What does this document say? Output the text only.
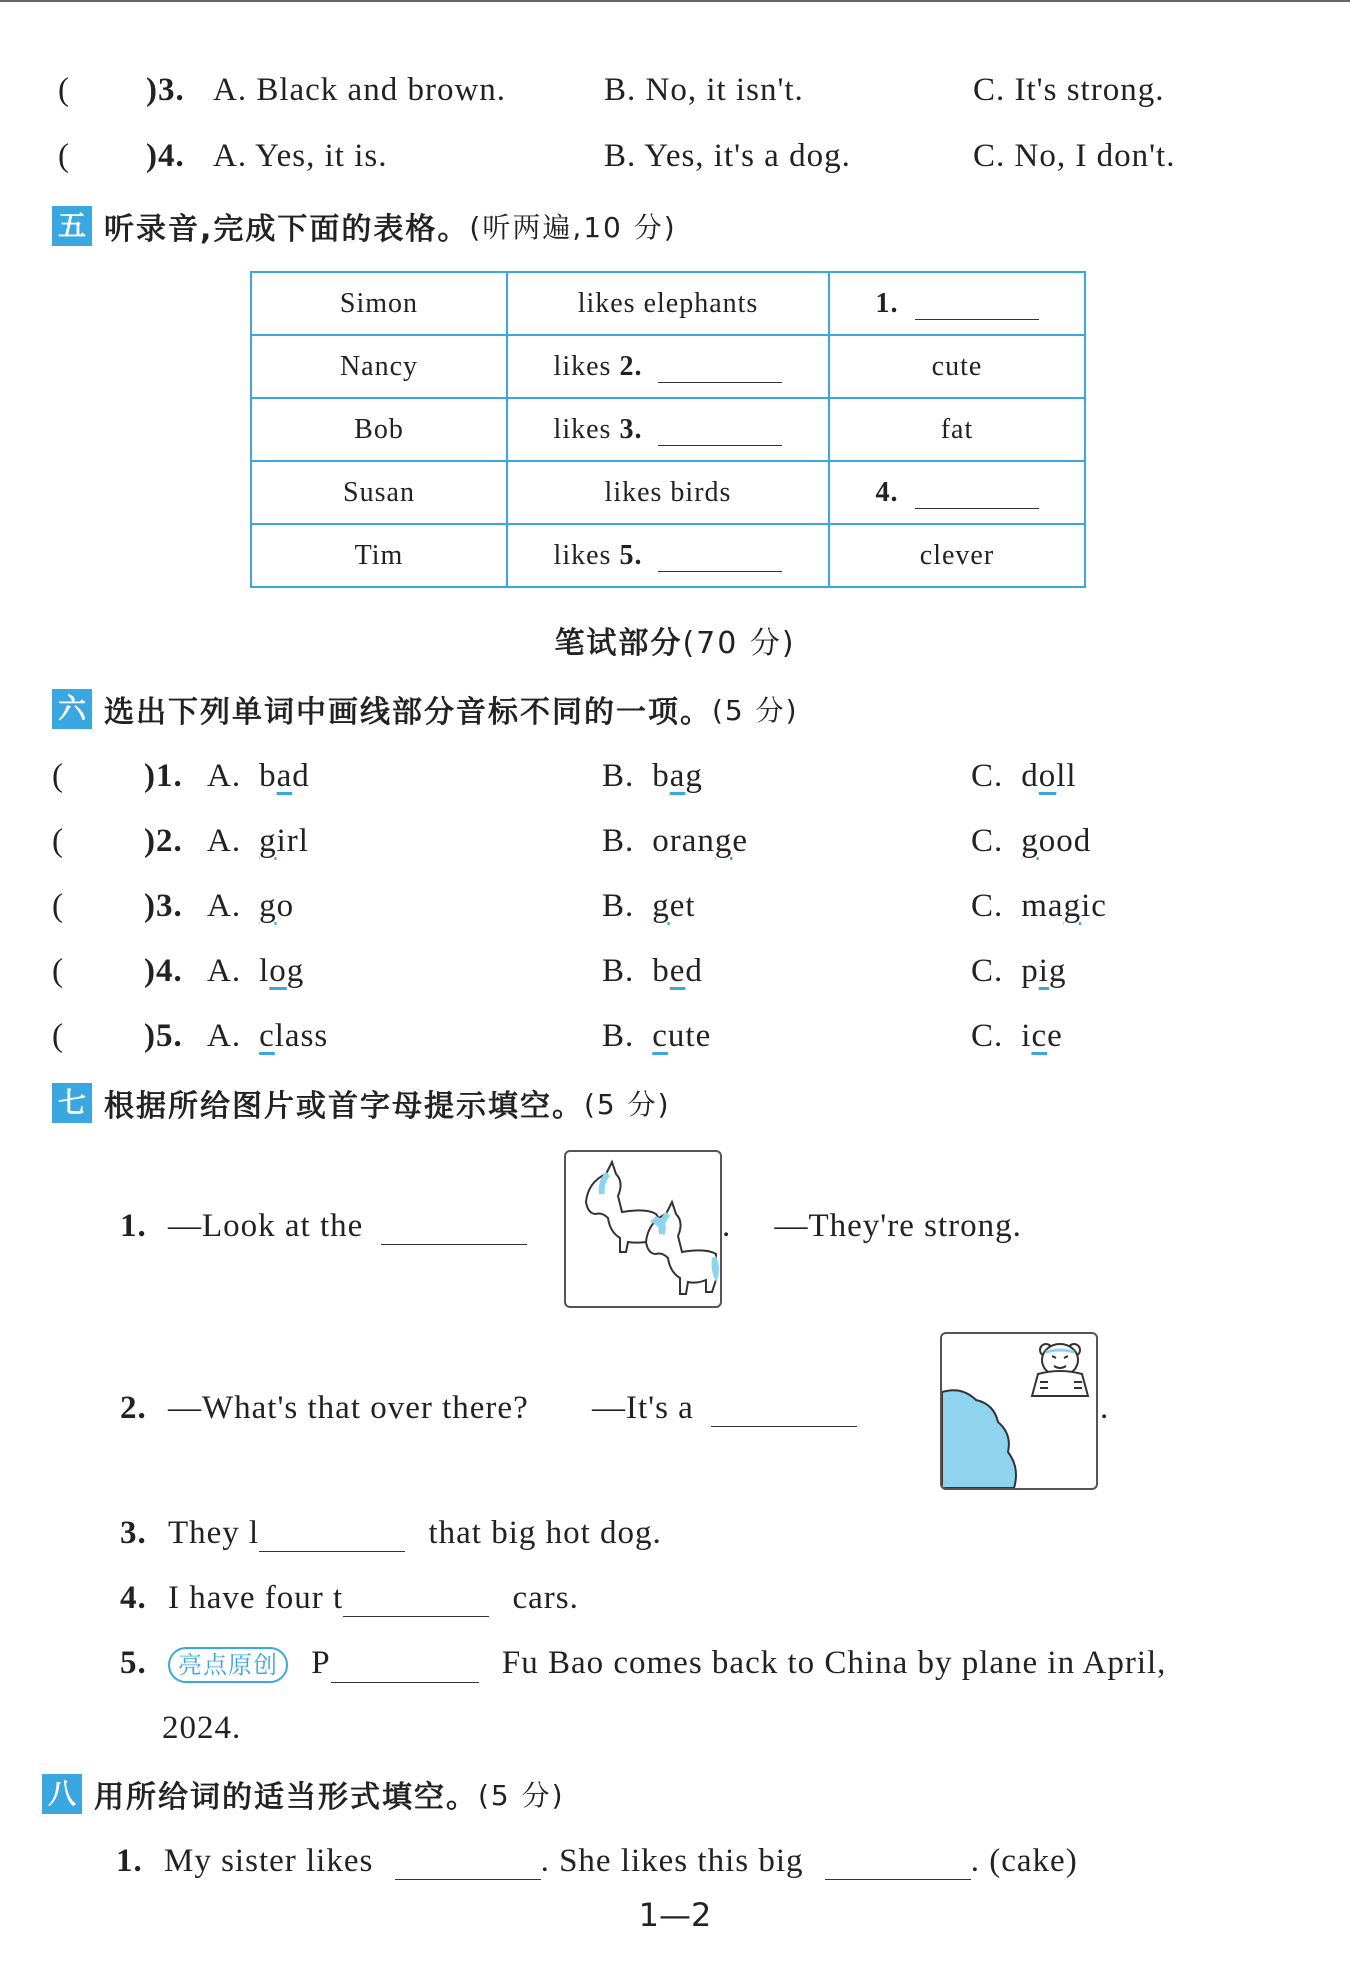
( )3. A. Black and brown.	B. No, it isn't.	C. It's strong.
( )4. A. Yes, it is.	B. Yes, it's a dog.	C. No, I don't.
五 听录音,完成下面的表格。 (听两遍,10 分)
Simon	likes elephants	1.
Nancy	likes 2.	cute
Bob	likes 3.	fat
Susan	likes birds	4.
Tim	likes 5.	clever
笔试部分(70 分)
六 选出下列单词中画线部分音标不同的一项。 (5 分)
( )1. A. bad	B. bag	C. doll
( )2. A. girl	B. orange	C. good
( )3. A. go	B. get	C. magic
( )4. A. log	B. bed	C. pig
( )5. A. class	B. cute	C. ice
七 根据所给图片或首字母提示填空。 (5 分)
1. —Look at the	. —They're strong.
2. —What's that over there? —It's a	.
3. They l	that big hot dog.
4. I have four t	cars.
5. 亮点原创 P	Fu Bao comes back to China by plane in April,
2024.
八 用所给词的适当形式填空。 (5 分)
1. My sister likes	. She likes this big	. (cake)
1—2
